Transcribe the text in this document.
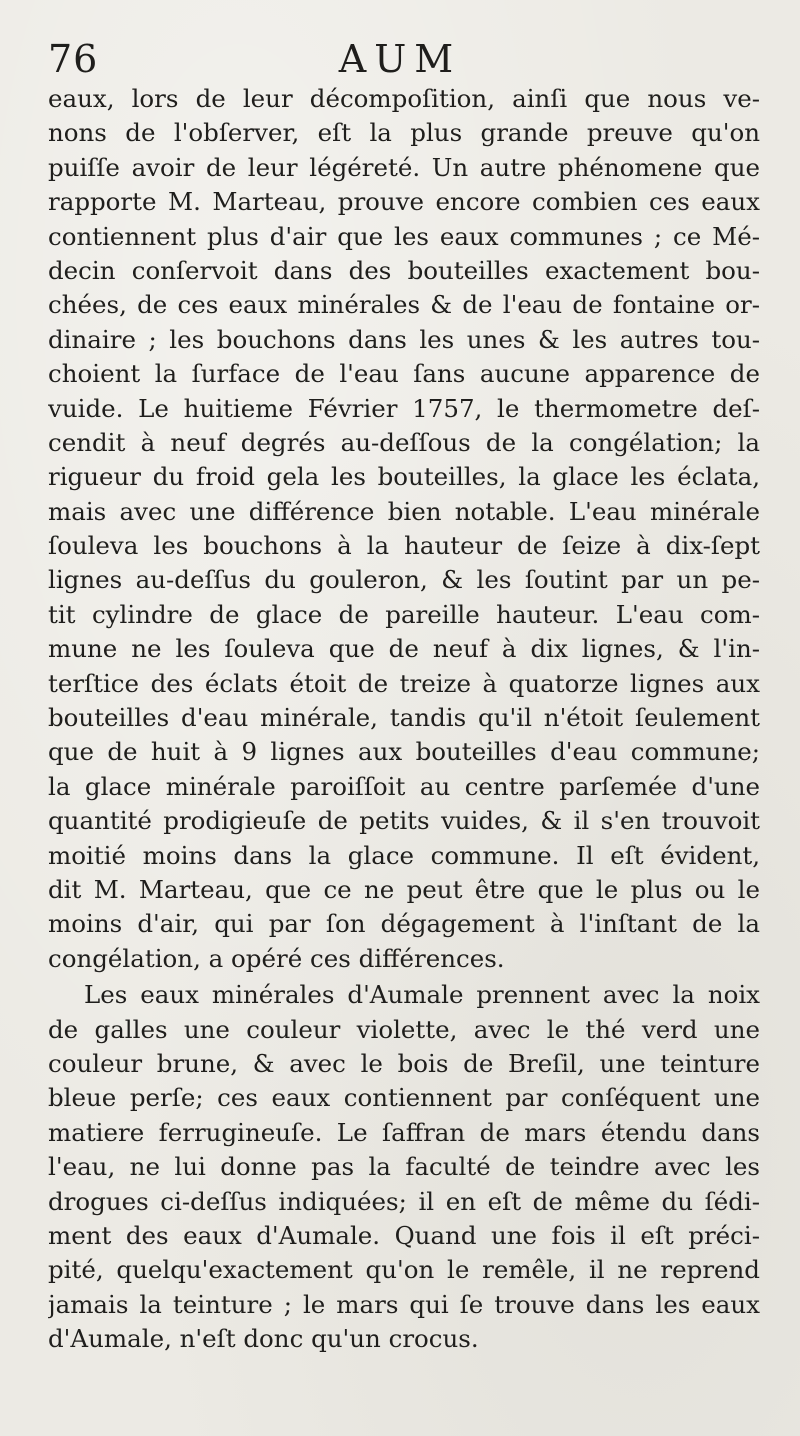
76	AUM
eaux, lors de leur décompoſition, ainſi que nous ve-
nons de l'obſerver, eſt la plus grande preuve qu'on
puiſſe avoir de leur légéreté. Un autre phénomene que
rapporte M. Marteau, prouve encore combien ces eaux
contiennent plus d'air que les eaux communes ; ce Mé-
decin conſervoit dans des bouteilles exactement bou-
chées, de ces eaux minérales & de l'eau de fontaine or-
dinaire ; les bouchons dans les unes & les autres tou-
choient la ſurface de l'eau ſans aucune apparence de
vuide. Le huitieme Février 1757, le thermometre deſ-
cendit à neuf degrés au-deſſous de la congélation; la
rigueur du froid gela les bouteilles, la glace les éclata,
mais avec une différence bien notable. L'eau minérale
ſouleva les bouchons à la hauteur de ſeize à dix-ſept
lignes au-deſſus du gouleron, & les ſoutint par un pe-
tit cylindre de glace de pareille hauteur. L'eau com-
mune ne les ſouleva que de neuf à dix lignes, & l'in-
terſtice des éclats étoit de treize à quatorze lignes aux
bouteilles d'eau minérale, tandis qu'il n'étoit ſeulement
que de huit à 9 lignes aux bouteilles d'eau commune;
la glace minérale paroiſſoit au centre parſemée d'une
quantité prodigieuſe de petits vuides, & il s'en trouvoit
moitié moins dans la glace commune. Il eſt évident,
dit M. Marteau, que ce ne peut être que le plus ou le
moins d'air, qui par ſon dégagement à l'inſtant de la
congélation, a opéré ces différences.
Les eaux minérales d'Aumale prennent avec la noix
de galles une couleur violette, avec le thé verd une
couleur brune, & avec le bois de Breſil, une teinture
bleue perſe; ces eaux contiennent par conſéquent une
matiere ferrugineuſe. Le ſaffran de mars étendu dans
l'eau, ne lui donne pas la faculté de teindre avec les
drogues ci-deſſus indiquées; il en eſt de même du ſédi-
ment des eaux d'Aumale. Quand une fois il eſt préci-
pité, quelqu'exactement qu'on le remêle, il ne reprend
jamais la teinture ; le mars qui ſe trouve dans les eaux
d'Aumale, n'eſt donc qu'un crocus.
